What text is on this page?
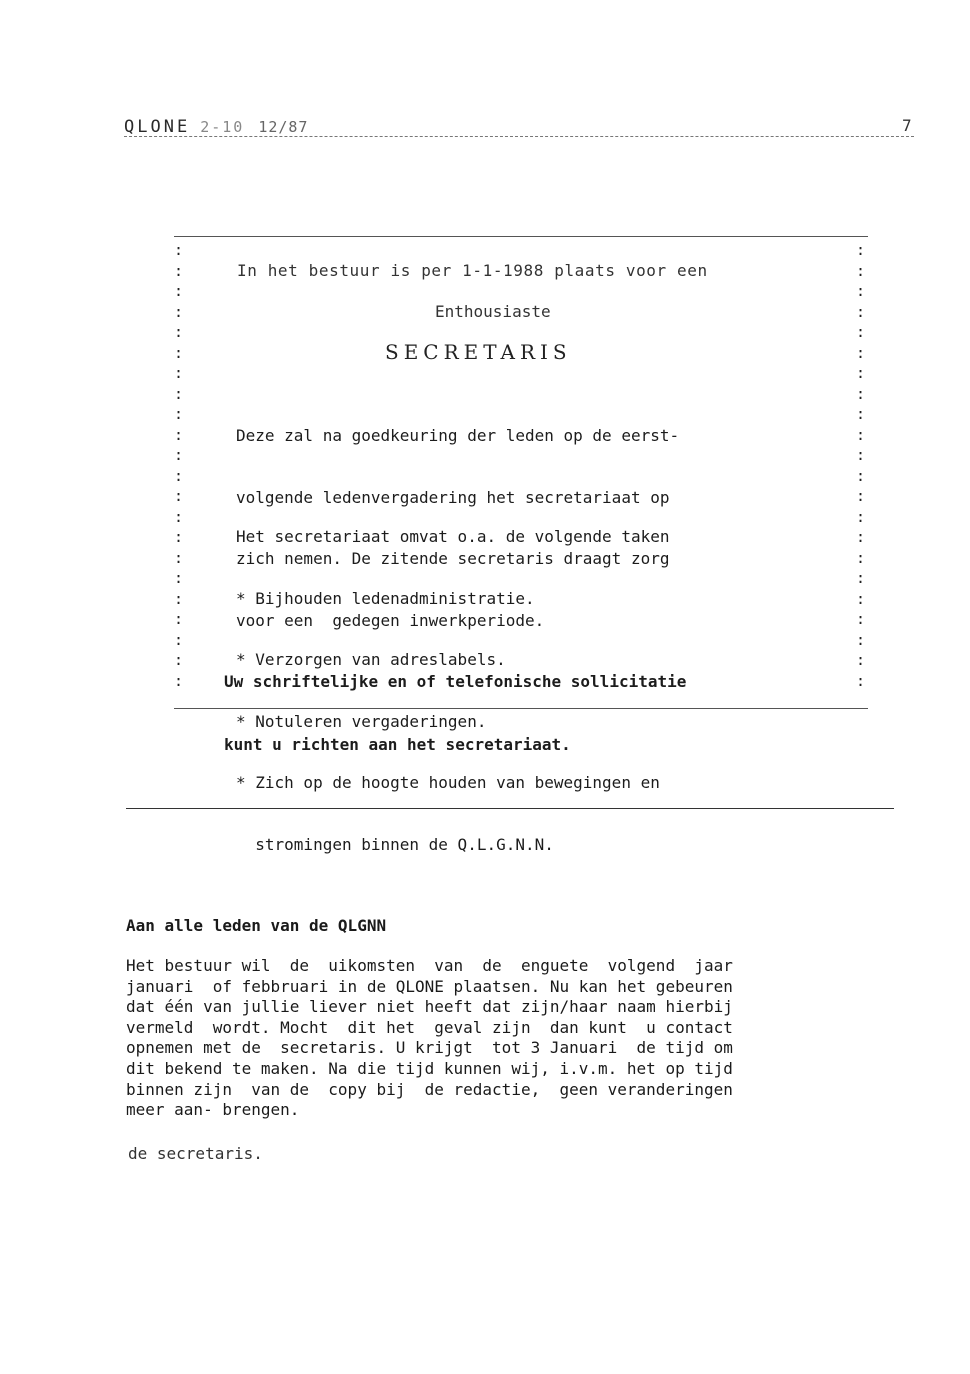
QLONE 2-10 12/87	7
:
:
:
:
:
:
:
:
:
:
:
:
:
:
:
:
:
:
:
:
:
:
:
:
:
:
:
:
:
:
:
:
:
:
:
:
:
:
:
:
:
:
:
:
In het bestuur is per 1-1-1988 plaats voor een
Enthousiaste
SECRETARIS

Deze zal na goedkeuring der leden op de eerst-

volgende ledenvergadering het secretariaat op

zich nemen. De zitende secretaris draagt zorg

voor een  gedegen inwerkperiode.

Het secretariaat omvat o.a. de volgende taken

* Bijhouden ledenadministratie.

* Verzorgen van adreslabels.

* Notuleren vergaderingen.

* Zich op de hoogte houden van bewegingen en

stromingen binnen de Q.L.G.N.N.

Uw schriftelijke en of telefonische sollicitatie

kunt u richten aan het secretariaat.

Aan alle leden van de QLGNN
Het bestuur wil  de  uikomsten  van  de  enguete  volgend  jaar
januari  of febbruari in de QLONE plaatsen. Nu kan het gebeuren
dat één van jullie liever niet heeft dat zijn/haar naam hierbij
vermeld  wordt. Mocht  dit het  geval zijn  dan kunt  u contact
opnemen met de  secretaris. U krijgt  tot 3 Januari  de tijd om
dit bekend te maken. Na die tijd kunnen wij, i.v.m. het op tijd
binnen zijn  van de  copy bij  de redactie,  geen veranderingen
meer aan- brengen.
de secretaris.
